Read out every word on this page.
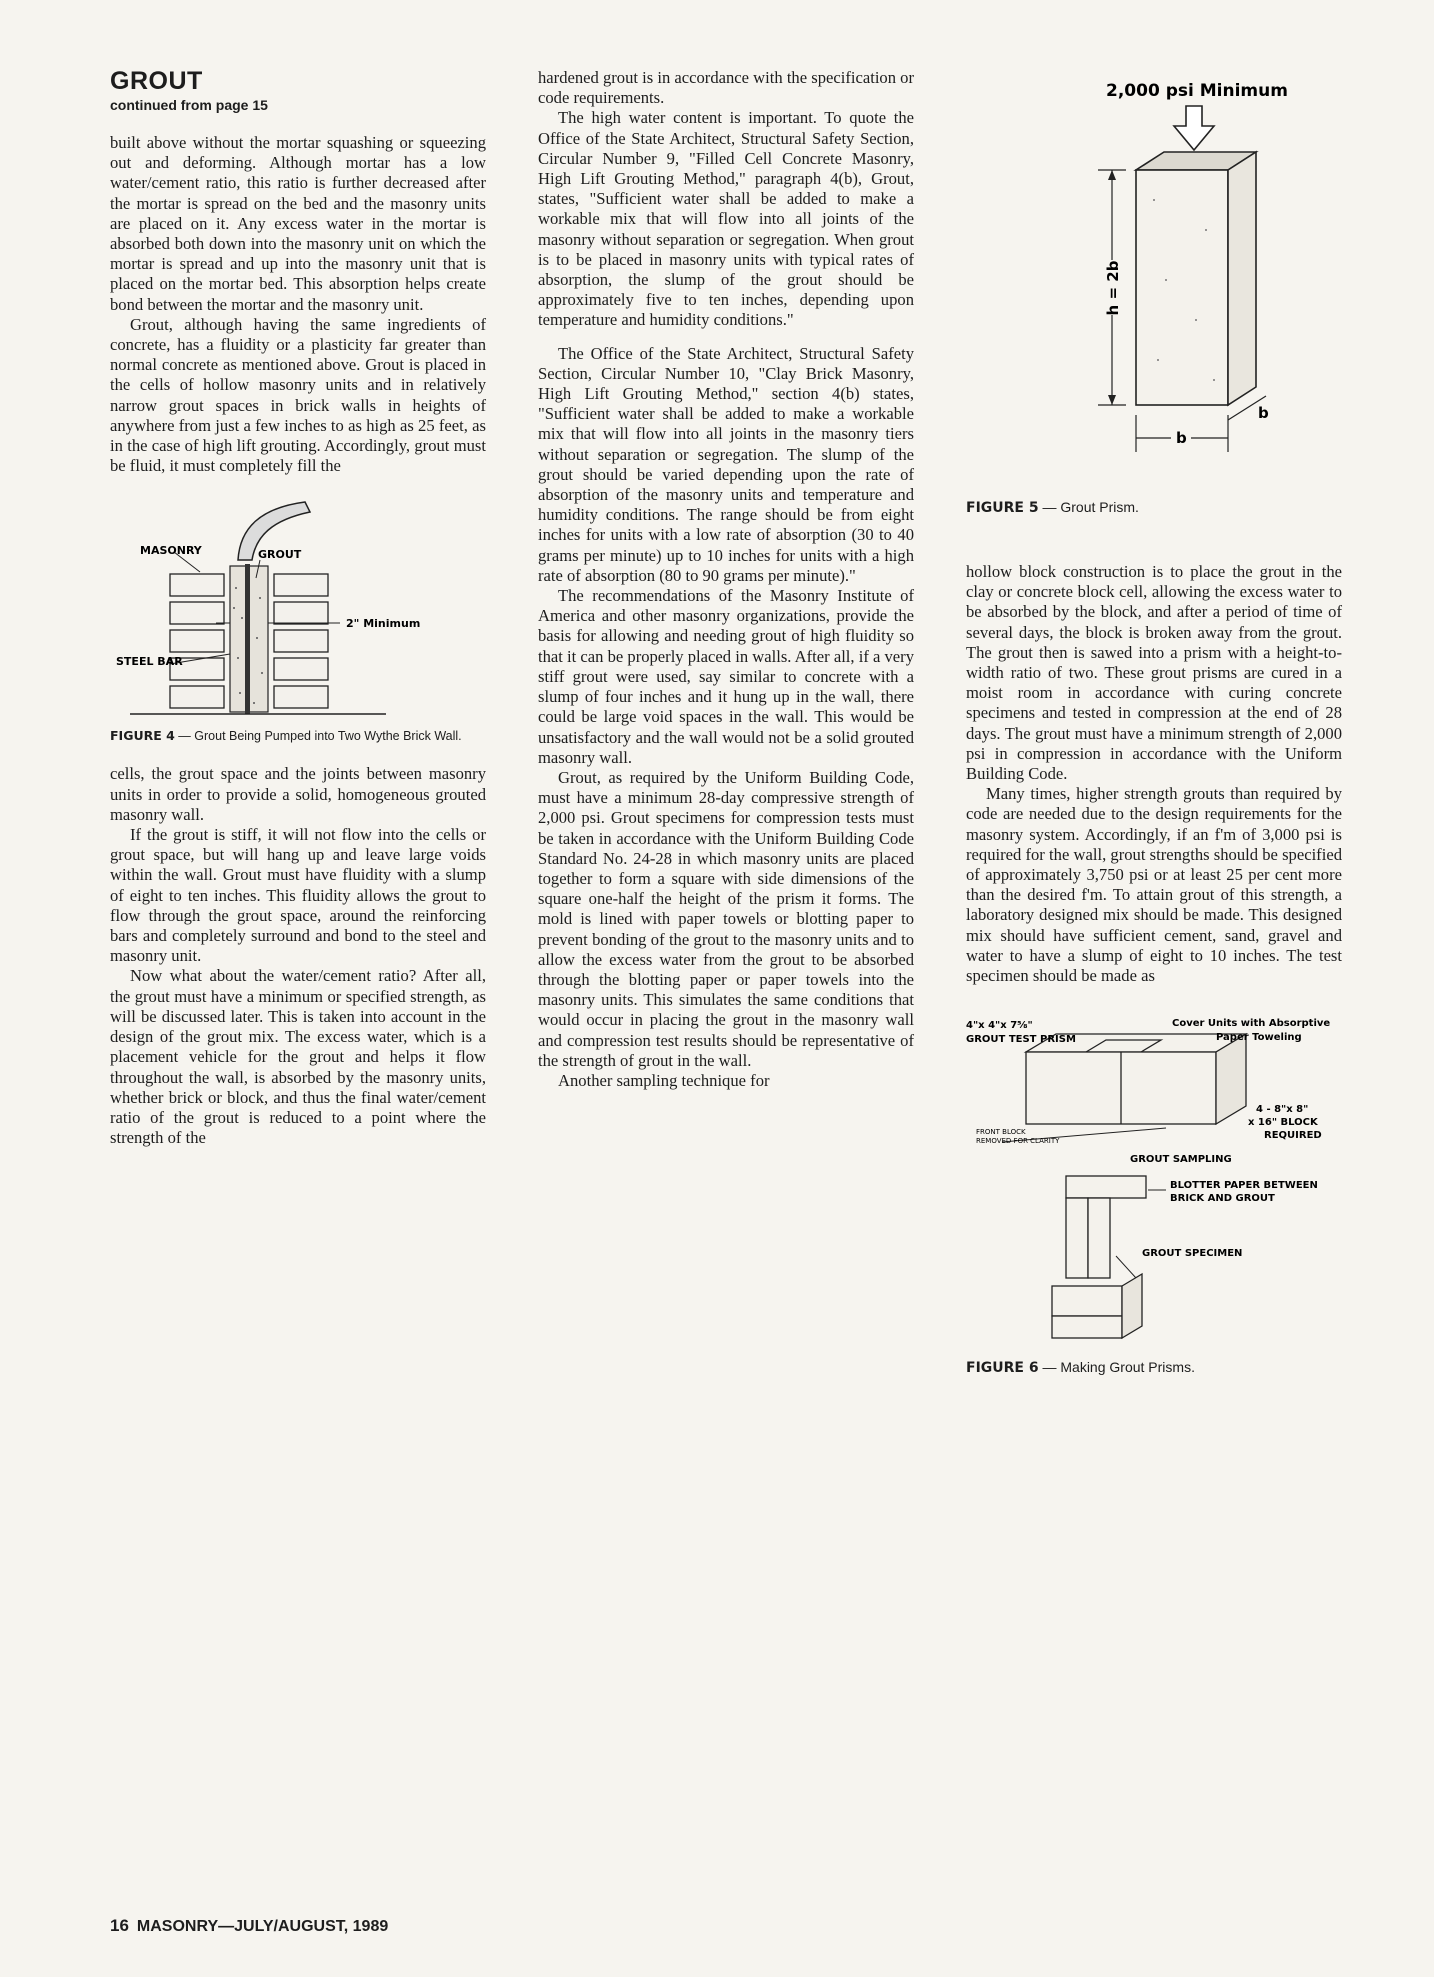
GROUT
continued from page 15

built above without the mortar squashing or squeezing out and deforming. Although mortar has a low water/cement ratio, this ratio is further decreased after the mortar is spread on the bed and the masonry units are placed on it. Any excess water in the mortar is absorbed both down into the masonry unit on which the mortar is spread and up into the masonry unit that is placed on the mortar bed. This absorption helps create bond between the mortar and the masonry unit.

Grout, although having the same ingredients of concrete, has a fluidity or a plasticity far greater than normal concrete as mentioned above. Grout is placed in the cells of hollow masonry units and in relatively narrow grout spaces in brick walls in heights of anywhere from just a few inches to as high as 25 feet, as in the case of high lift grouting. Accordingly, grout must be fluid, it must completely fill the

MASONRY	GROUT
2" Minimum
STEEL BAR
FIGURE 4 — Grout Being Pumped into Two Wythe Brick Wall.

cells, the grout space and the joints between masonry units in order to provide a solid, homogeneous grouted masonry wall.

If the grout is stiff, it will not flow into the cells or grout space, but will hang up and leave large voids within the wall. Grout must have fluidity with a slump of eight to ten inches. This fluidity allows the grout to flow through the grout space, around the reinforcing bars and completely surround and bond to the steel and masonry unit.

Now what about the water/cement ratio? After all, the grout must have a minimum or specified strength, as will be discussed later. This is taken into account in the design of the grout mix. The excess water, which is a placement vehicle for the grout and helps it flow throughout the wall, is absorbed by the masonry units, whether brick or block, and thus the final water/cement ratio of the grout is reduced to a point where the strength of the

hardened grout is in accordance with the specification or code requirements.

The high water content is important. To quote the Office of the State Architect, Structural Safety Section, Circular Number 9, "Filled Cell Concrete Masonry, High Lift Grouting Method," paragraph 4(b), Grout, states, "Sufficient water shall be added to make a workable mix that will flow into all joints of the masonry without separation or segregation. When grout is to be placed in masonry units with typical rates of absorption, the slump of the grout should be approximately five to ten inches, depending upon temperature and humidity conditions."

The Office of the State Architect, Structural Safety Section, Circular Number 10, "Clay Brick Masonry, High Lift Grouting Method," section 4(b) states, "Sufficient water shall be added to make a workable mix that will flow into all joints in the masonry tiers without separation or segregation. The slump of the grout should be varied depending upon the rate of absorption of the masonry units and temperature and humidity conditions. The range should be from eight inches for units with a low rate of absorption (30 to 40 grams per minute) up to 10 inches for units with a high rate of absorption (80 to 90 grams per minute)."

The recommendations of the Masonry Institute of America and other masonry organizations, provide the basis for allowing and needing grout of high fluidity so that it can be properly placed in walls. After all, if a very stiff grout were used, say similar to concrete with a slump of four inches and it hung up in the wall, there could be large void spaces in the wall. This would be unsatisfactory and the wall would not be a solid grouted masonry wall.

Grout, as required by the Uniform Building Code, must have a minimum 28-day compressive strength of 2,000 psi. Grout specimens for compression tests must be taken in accordance with the Uniform Building Code Standard No. 24-28 in which masonry units are placed together to form a square with side dimensions of the square one-half the height of the prism it forms. The mold is lined with paper towels or blotting paper to prevent bonding of the grout to the masonry units and to allow the excess water from the grout to be absorbed through the blotting paper or paper towels into the masonry units. This simulates the same conditions that would occur in placing the grout in the masonry wall and compression test results should be representative of the strength of grout in the wall.

Another sampling technique for

2,000 psi Minimum
h = 2b
b
b
FIGURE 5 — Grout Prism.

hollow block construction is to place the grout in the clay or concrete block cell, allowing the excess water to be absorbed by the block, and after a period of time of several days, the block is broken away from the grout. The grout then is sawed into a prism with a height-to-width ratio of two. These grout prisms are cured in a moist room in accordance with curing concrete specimens and tested in compression at the end of 28 days. The grout must have a minimum strength of 2,000 psi in compression in accordance with the Uniform Building Code.

Many times, higher strength grouts than required by code are needed due to the design requirements for the masonry system. Accordingly, if an f'm of 3,000 psi is required for the wall, grout strengths should be specified of approximately 3,750 psi or at least 25 per cent more than the desired f'm. To attain grout of this strength, a laboratory designed mix should be made. This designed mix should have sufficient cement, sand, gravel and water to have a slump of eight to 10 inches. The test specimen should be made as

4"x 4"x 7⅝"
GROUT TEST PRISM
Cover Units with Absorptive
Paper Toweling
4 - 8"x 8"
x 16" BLOCK
REQUIRED
FRONT BLOCK
REMOVED FOR CLARITY
GROUT SAMPLING
BLOTTER PAPER BETWEEN
BRICK AND GROUT
GROUT SPECIMEN
FIGURE 6 — Making Grout Prisms.
16 MASONRY—JULY/AUGUST, 1989
